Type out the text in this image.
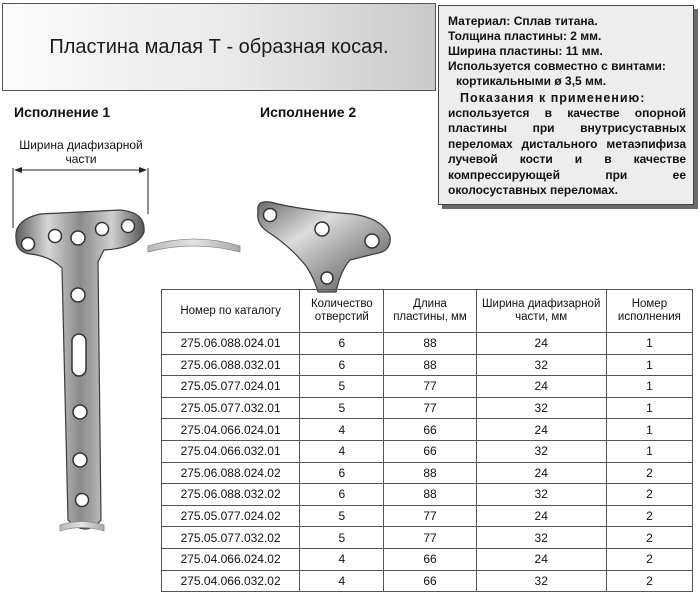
Пластина малая Т - образная косая.
Материал: Сплав титана.
Толщина пластины: 2 мм.
Ширина пластины: 11 мм.
Используется совместно с винтами:
кортикальными ø 3,5 мм.
Показания к применению:
используется в качестве опорной
пластины при внутрисуставных
переломах дистального метаэпифиза
лучевой кости и в качестве
компрессирующей при ее
околосуставных переломах.
Исполнение 1	Исполнение 2
Ширина диафизарной части
Номер по каталогу	Количество отверстий	Длина пластины, мм	Ширина диафизарной части, мм	Номер исполнения
275.06.088.024.01	6	88	24	1
275.06.088.032.01	6	88	32	1
275.05.077.024.01	5	77	24	1
275.05.077.032.01	5	77	32	1
275.04.066.024.01	4	66	24	1
275.04.066.032.01	4	66	32	1
275.06.088.024.02	6	88	24	2
275.06.088.032.02	6	88	32	2
275.05.077.024.02	5	77	24	2
275.05.077.032.02	5	77	32	2
275.04.066.024.02	4	66	24	2
275.04.066.032.02	4	66	32	2
